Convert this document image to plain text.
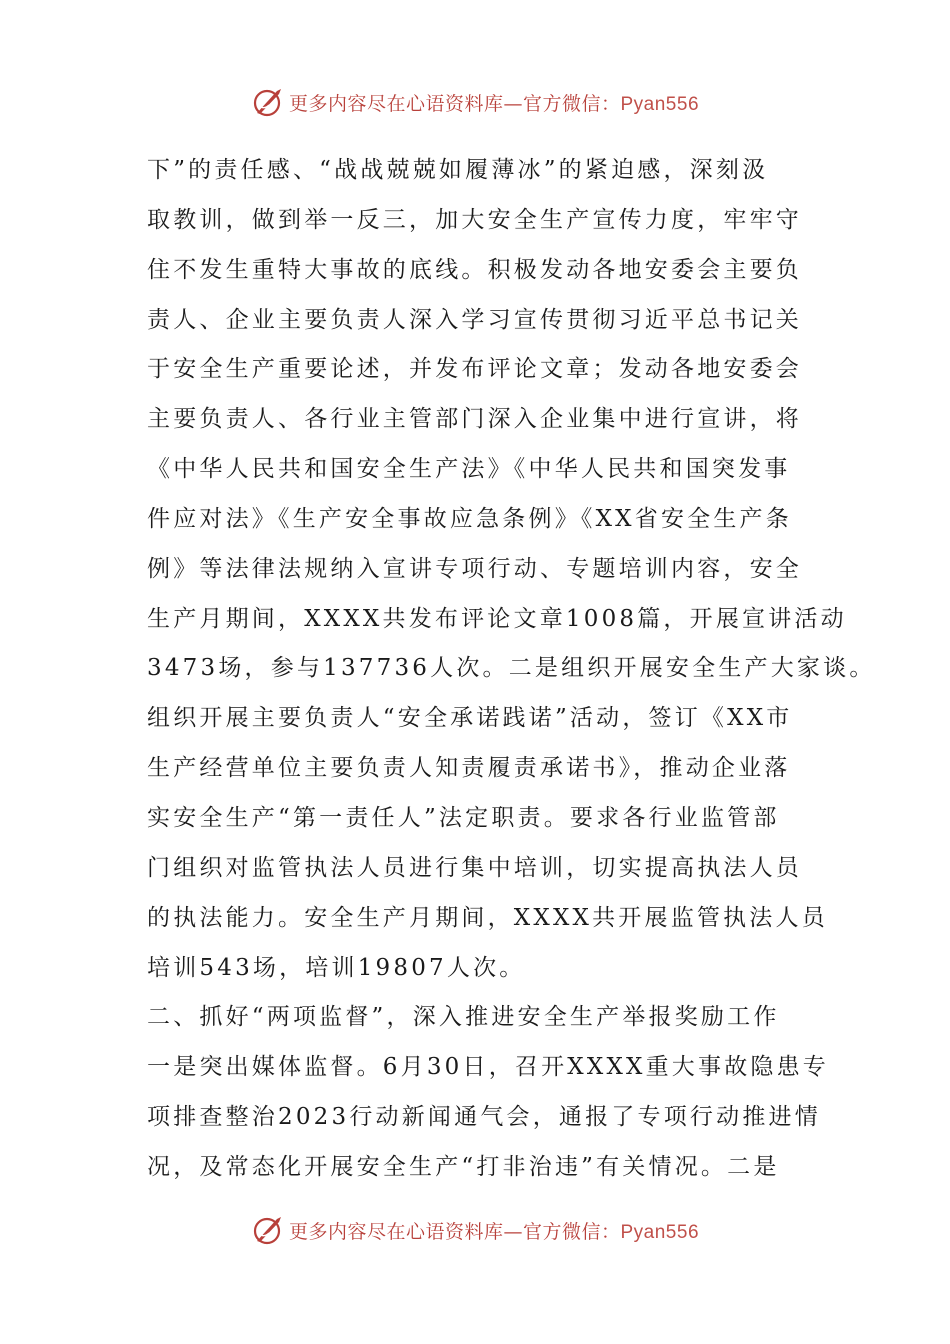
更多内容尽在心语资料库—官方微信：Pyan556
下”的责任感、“战战兢兢如履薄冰”的紧迫感，深刻汲
取教训，做到举一反三，加大安全生产宣传力度，牢牢守
住不发生重特大事故的底线。积极发动各地安委会主要负
责人、企业主要负责人深入学习宣传贯彻习近平总书记关
于安全生产重要论述，并发布评论文章；发动各地安委会
主要负责人、各行业主管部门深入企业集中进行宣讲，将
《中华人民共和国安全生产法》《中华人民共和国突发事
件应对法》《生产安全事故应急条例》《XX省安全生产条
例》等法律法规纳入宣讲专项行动、专题培训内容，安全
生产月期间，XXXX共发布评论文章1008篇，开展宣讲活动
3473场，参与137736人次。二是组织开展安全生产大家谈。
组织开展主要负责人“安全承诺践诺”活动，签订《XX市
生产经营单位主要负责人知责履责承诺书》，推动企业落
实安全生产“第一责任人”法定职责。要求各行业监管部
门组织对监管执法人员进行集中培训，切实提高执法人员
的执法能力。安全生产月期间，XXXX共开展监管执法人员
培训543场，培训19807人次。
二、抓好“两项监督”，深入推进安全生产举报奖励工作
一是突出媒体监督。6月30日，召开XXXX重大事故隐患专
项排查整治2023行动新闻通气会，通报了专项行动推进情
况，及常态化开展安全生产“打非治违”有关情况。二是
更多内容尽在心语资料库—官方微信：Pyan556
